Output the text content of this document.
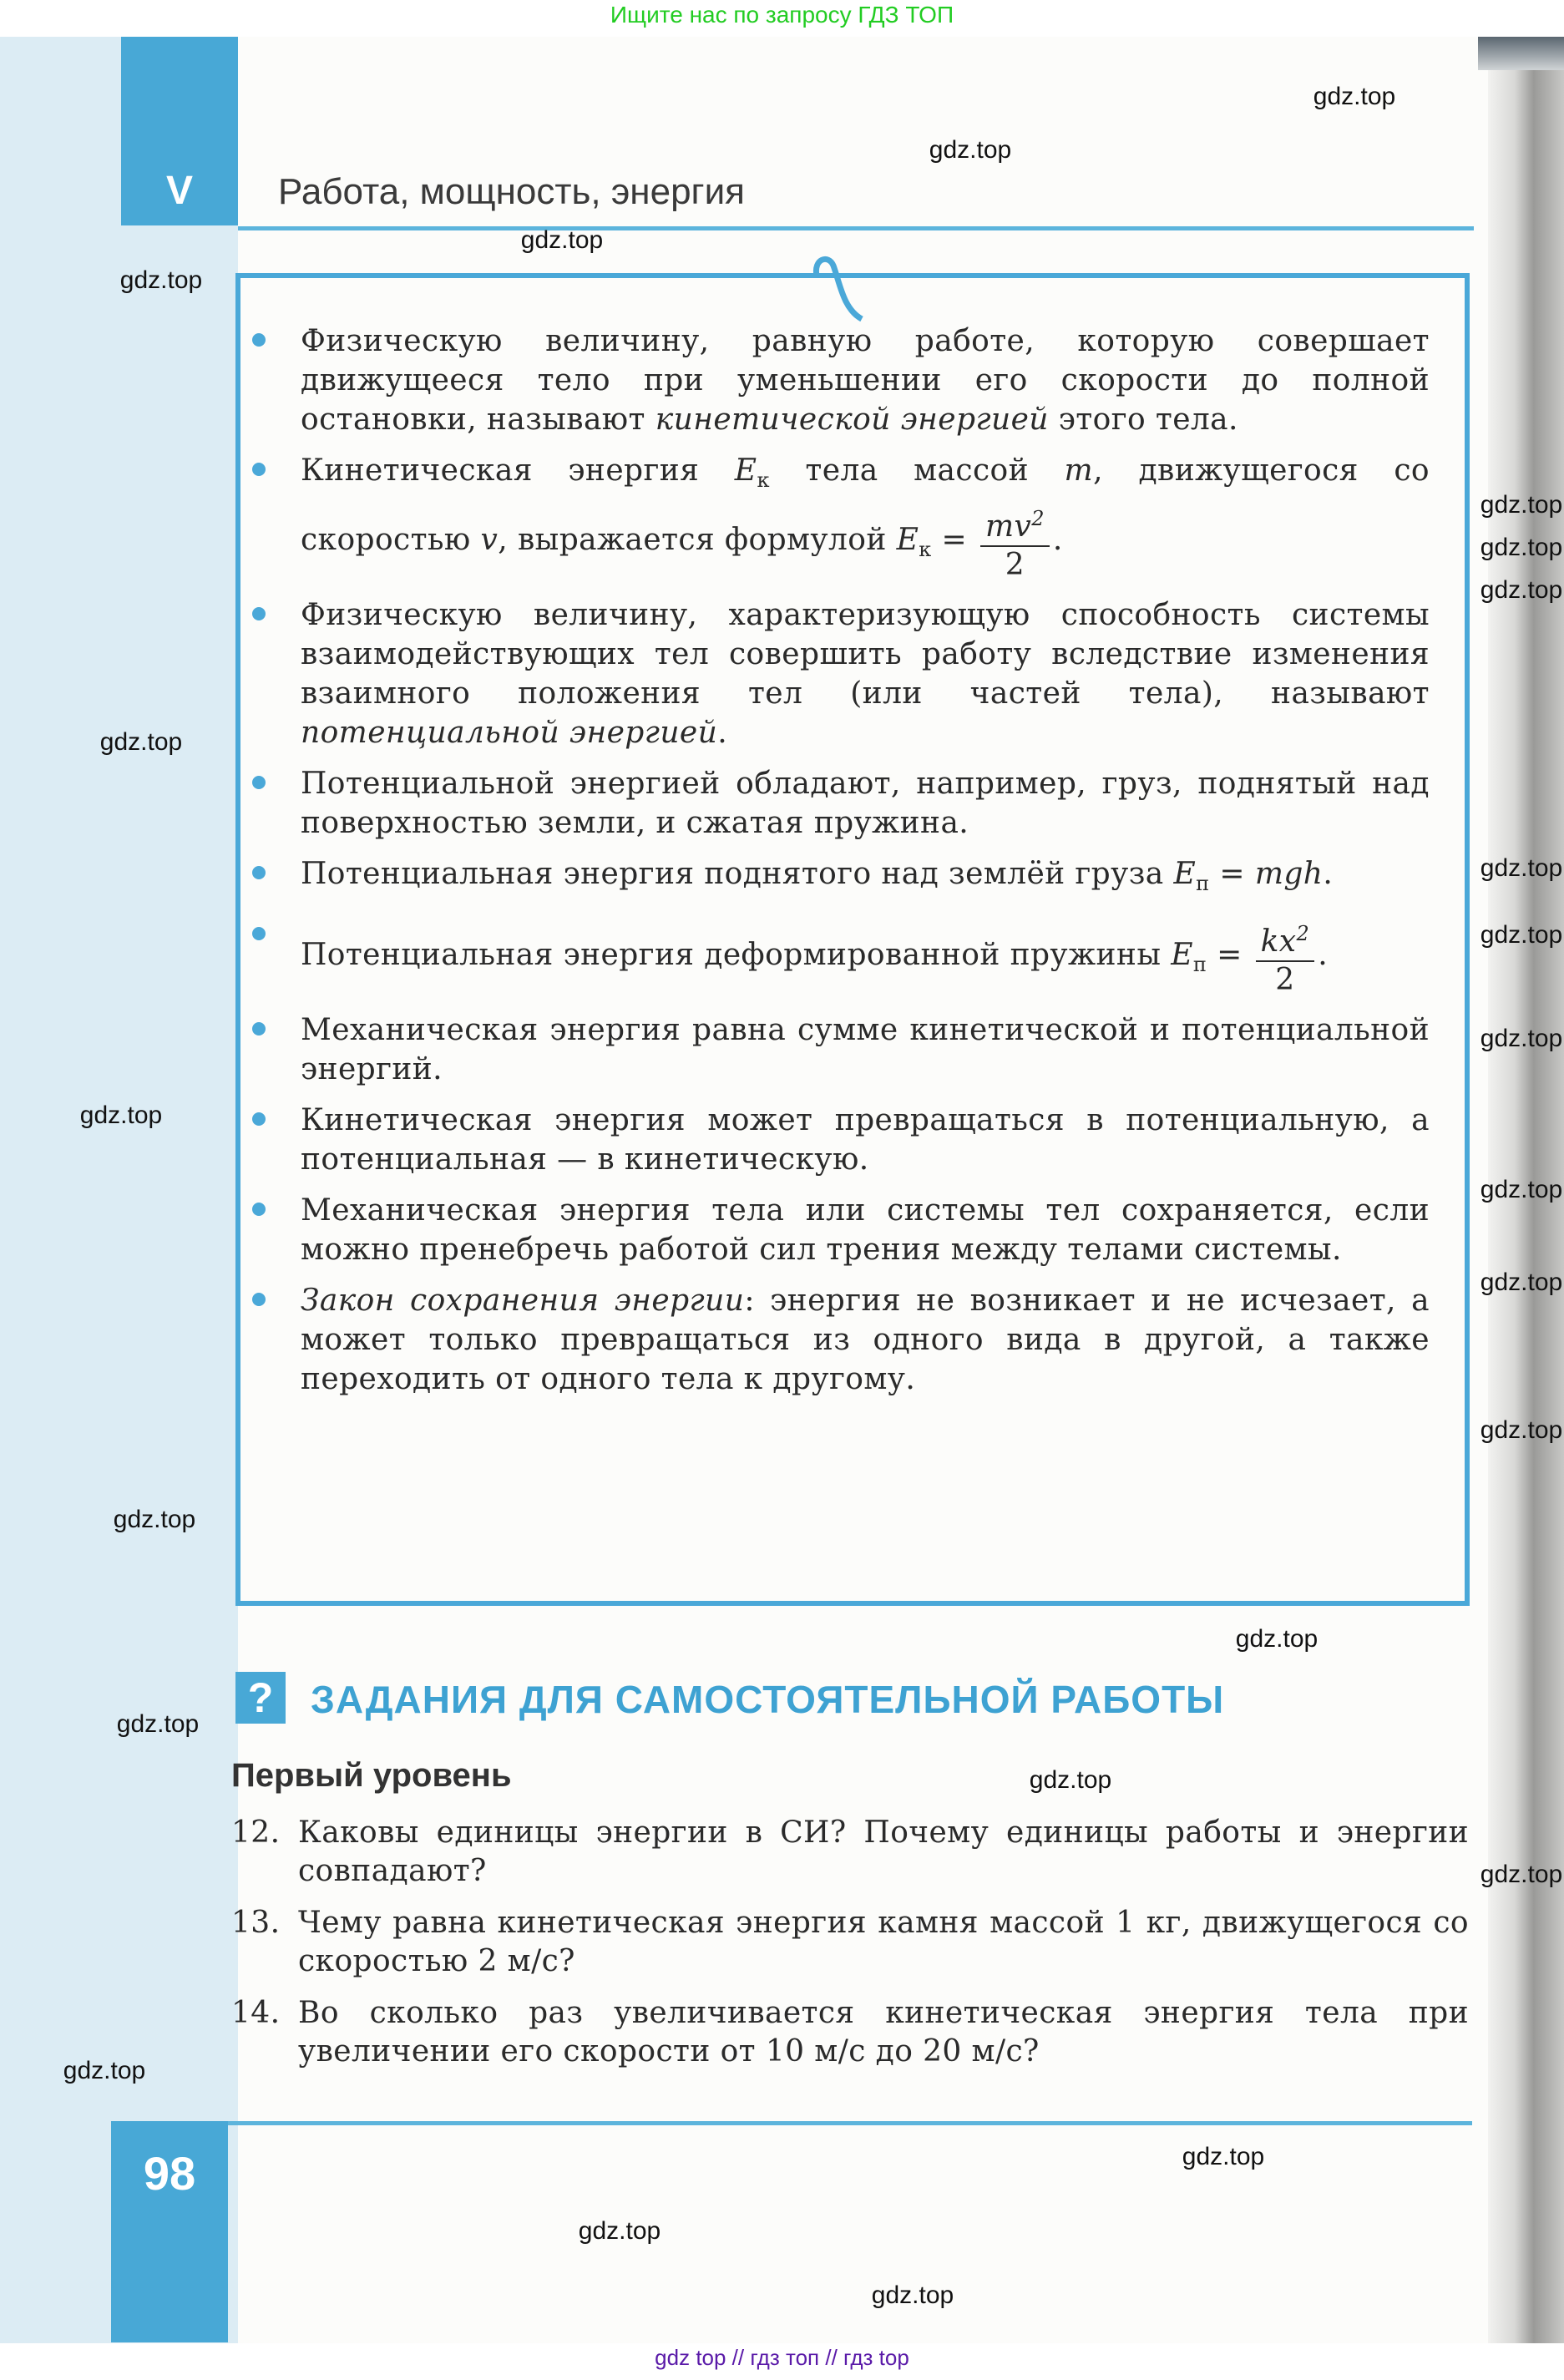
Ищите нас по запросу ГДЗ ТОП
V	Работа, мощность, энергия
Физическую величину, равную работе, которую совершает движущееся тело при уменьшении его скорости до полной остановки, называют кинетической энергией этого тела.
Кинетическая энергия $E_к$ тела массой m, движущегося со скоростью v, выражается формулой $E_к = \frac{mv^2}{2}$ .
Физическую величину, характеризующую способность системы взаимодействующих тел совершить работу вследствие изменения взаимного положения тел (или частей тела), называют потенциальной энергией.
Потенциальной энергией обладают, например, груз, поднятый над поверхностью земли, и сжатая пружина.
Потенциальная энергия поднятого над землёй груза $E_п$ = mgh.
Потенциальная энергия деформированной пружины $E_п = \frac{kx^2}{2}$ .
Механическая энергия равна сумме кинетической и потенциальной энергий.
Кинетическая энергия может превращаться в потенциальную, а потенциальная — в кинетическую.
Механическая энергия тела или системы тел сохраняется, если можно пренебречь работой сил трения между телами системы.
Закон сохранения энергии: энергия не возникает и не исчезает, а может только превращаться из одного вида в другой, а также переходить от одного тела к другому.
? ЗАДАНИЯ ДЛЯ САМОСТОЯТЕЛЬНОЙ РАБОТЫ
Первый уровень
12. Каковы единицы энергии в СИ? Почему единицы работы и энергии совпадают?
13. Чему равна кинетическая энергия камня массой 1 кг, движущегося со скоростью 2 м/с?
14. Во сколько раз увеличивается кинетическая энергия тела при увеличении его скорости от 10 м/с до 20 м/с?
98
gdz top // гдз топ // гдз top
gdz.top
gdz.top
gdz.top
gdz.top
gdz.top
gdz.top
gdz.top
gdz.top
gdz.top
gdz.top
gdz.top
gdz.top
gdz.top
gdz.top
gdz.top
gdz.top
gdz.top
gdz.top
gdz.top
gdz.top
gdz.top
gdz.top
gdz.top
gdz.top
